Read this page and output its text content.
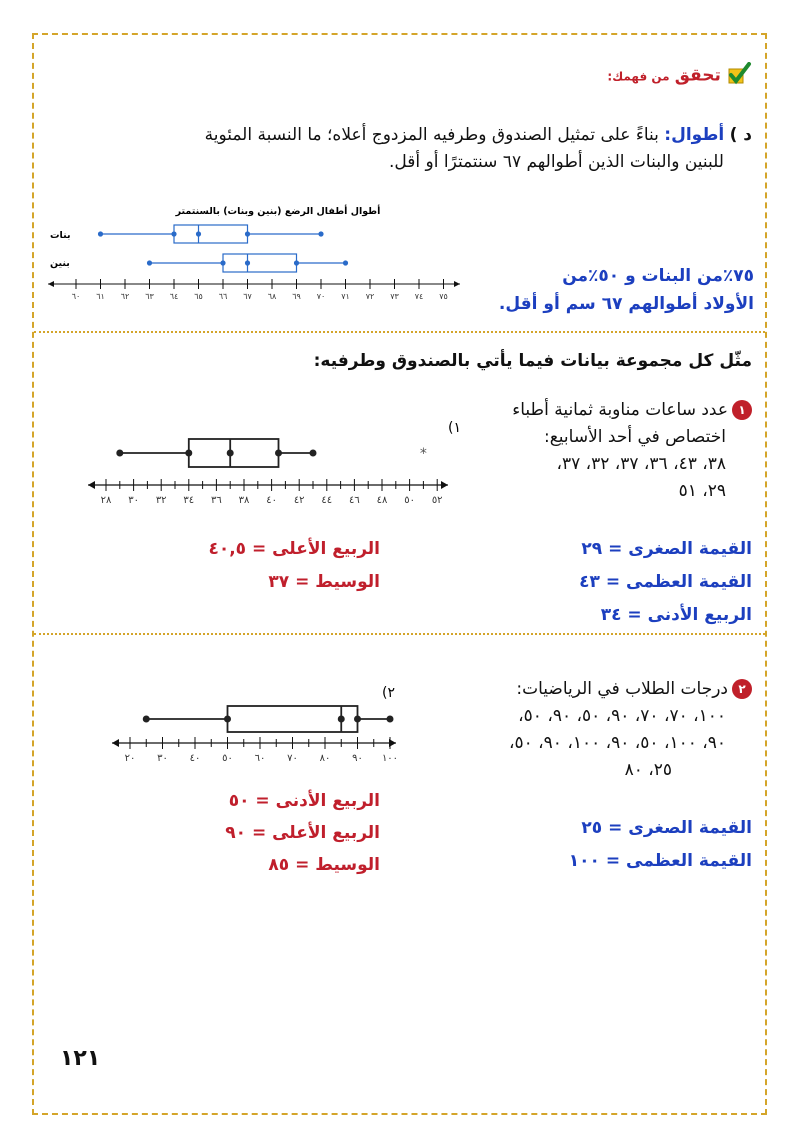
تحقق من فهمك:
د ) أطوال: بناءً على تمثيل الصندوق وطرفيه المزدوج أعلاه؛ ما النسبة المئوية
للبنين والبنات الذين أطوالهم ٦٧ سنتمترًا أو أقل.
أطوال أطفال الرضع (بنين وبنات) بالسنتمتر
بنات
بنين
٦٠ ٦١ ٦٢ ٦٣ ٦٤ ٦٥ ٦٦ ٦٧ ٦٨ ٦٩ ٧٠ ٧١ ٧٢ ٧٣ ٧٤ ٧٥
٧٥٪من البنات و ٥٠٪من
الأولاد أطوالهم ٦٧ سم أو أقل.
مثّل كل مجموعة بيانات فيما يأتي بالصندوق وطرفيه:
١عدد ساعات مناوبة ثمانية أطباء
اختصاص في أحد الأسابيع:
٣٨، ٤٣، ٣٦، ٣٧، ٣٢، ٣٧،
٢٩، ٥١
(١
*
٢٨ ٣٠ ٣٢ ٣٤ ٣٦ ٣٨ ٤٠ ٤٢ ٤٤ ٤٦ ٤٨ ٥٠ ٥٢
القيمة الصغرى = ٢٩
القيمة العظمى = ٤٣
الربيع الأدنى = ٣٤
الربيع الأعلى = ٤٠,٥
الوسيط = ٣٧
٢درجات الطلاب في الرياضيات:
١٠٠، ٧٠، ٧٠، ٩٠، ٥٠، ٩٠، ٥٠،
٩٠، ١٠٠، ٥٠، ٩٠، ١٠٠، ٩٠، ٥٠،
٢٥، ٨٠
(٢
٢٠ ٣٠ ٤٠ ٥٠ ٦٠ ٧٠ ٨٠ ٩٠ ١٠٠
القيمة الصغرى = ٢٥
القيمة العظمى = ١٠٠
الربيع الأدنى = ٥٠
الربيع الأعلى = ٩٠
الوسيط = ٨٥
١٢١
